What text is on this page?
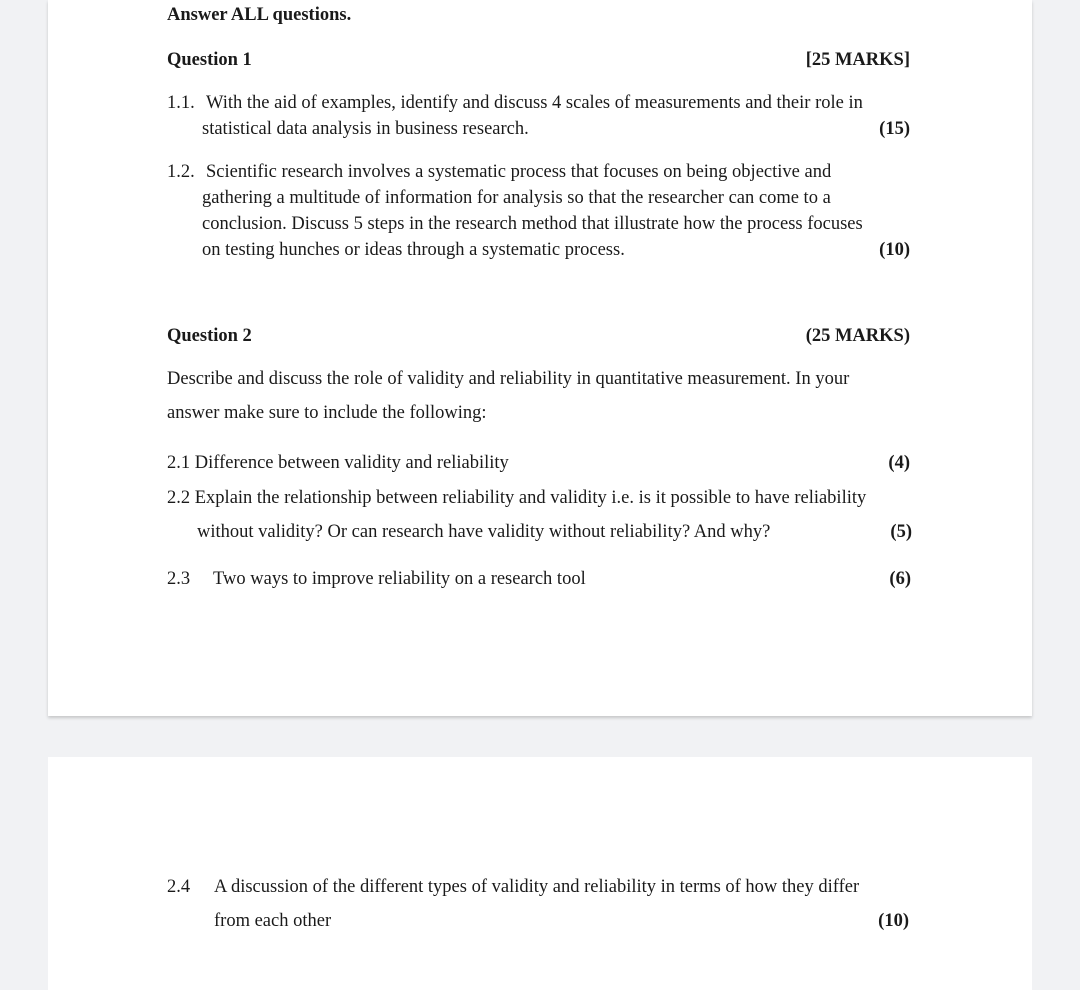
Answer ALL questions.
Question 1	[25 MARKS]
1.1. With the aid of examples, identify and discuss 4 scales of measurements and their role in
statistical data analysis in business research.	(15)
1.2. Scientific research involves a systematic process that focuses on being objective and
gathering a multitude of information for analysis so that the researcher can come to a
conclusion. Discuss 5 steps in the research method that illustrate how the process focuses
on testing hunches or ideas through a systematic process.	(10)
Question 2	(25 MARKS)
Describe and discuss the role of validity and reliability in quantitative measurement. In your
answer make sure to include the following:
2.1 Difference between validity and reliability	(4)
2.2 Explain the relationship between reliability and validity i.e. is it possible to have reliability
without validity? Or can research have validity without reliability? And why?	(5)
2.3 Two ways to improve reliability on a research tool	(6)
2.4 A discussion of the different types of validity and reliability in terms of how they differ
from each other	(10)
